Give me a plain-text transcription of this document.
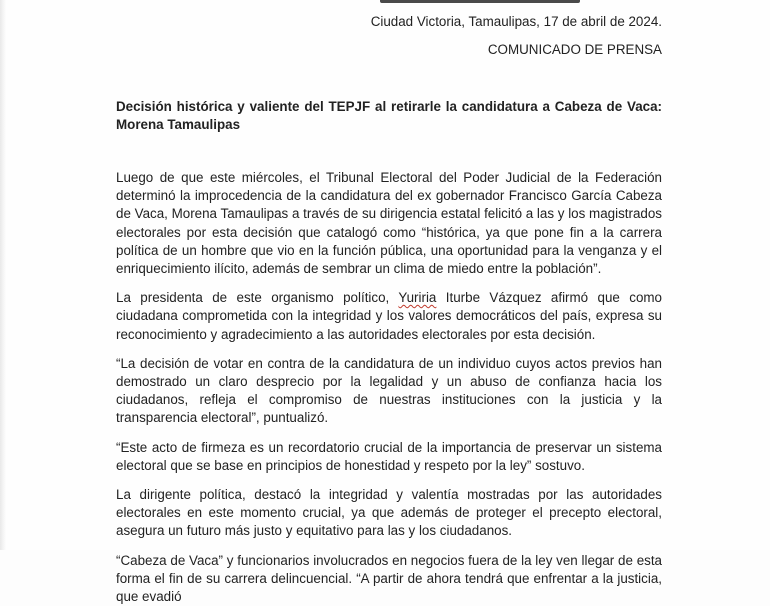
Ciudad Victoria, Tamaulipas, 17 de abril de 2024.
COMUNICADO DE PRENSA
Decisión histórica y valiente del TEPJF al retirarle la candidatura a Cabeza de Vaca: Morena Tamaulipas

Luego de que este miércoles, el Tribunal Electoral del Poder Judicial de la Federación determinó la improcedencia de la candidatura del ex gobernador Francisco García Cabeza de Vaca, Morena Tamaulipas a través de su dirigencia estatal felicitó a las y los magistrados electorales por esta decisión que catalogó como “histórica, ya que pone fin a la carrera política de un hombre que vio en la función pública, una oportunidad para la venganza y el enriquecimiento ilícito, además de sembrar un clima de miedo entre la población”.

La presidenta de este organismo político, Yuriria Iturbe Vázquez afirmó que como ciudadana comprometida con la integridad y los valores democráticos del país, expresa su reconocimiento y agradecimiento a las autoridades electorales por esta decisión.

“La decisión de votar en contra de la candidatura de un individuo cuyos actos previos han demostrado un claro desprecio por la legalidad y un abuso de confianza hacia los ciudadanos, refleja el compromiso de nuestras instituciones con la justicia y la transparencia electoral”, puntualizó.

“Este acto de firmeza es un recordatorio crucial de la importancia de preservar un sistema electoral que se base en principios de honestidad y respeto por la ley” sostuvo.

La dirigente política, destacó la integridad y valentía mostradas por las autoridades electorales en este momento crucial, ya que además de proteger el precepto electoral, asegura un futuro más justo y equitativo para las y los ciudadanos.

“Cabeza de Vaca” y funcionarios involucrados en negocios fuera de la ley ven llegar de esta forma el fin de su carrera delincuencial. “A partir de ahora tendrá que enfrentar a la justicia, que evadió
